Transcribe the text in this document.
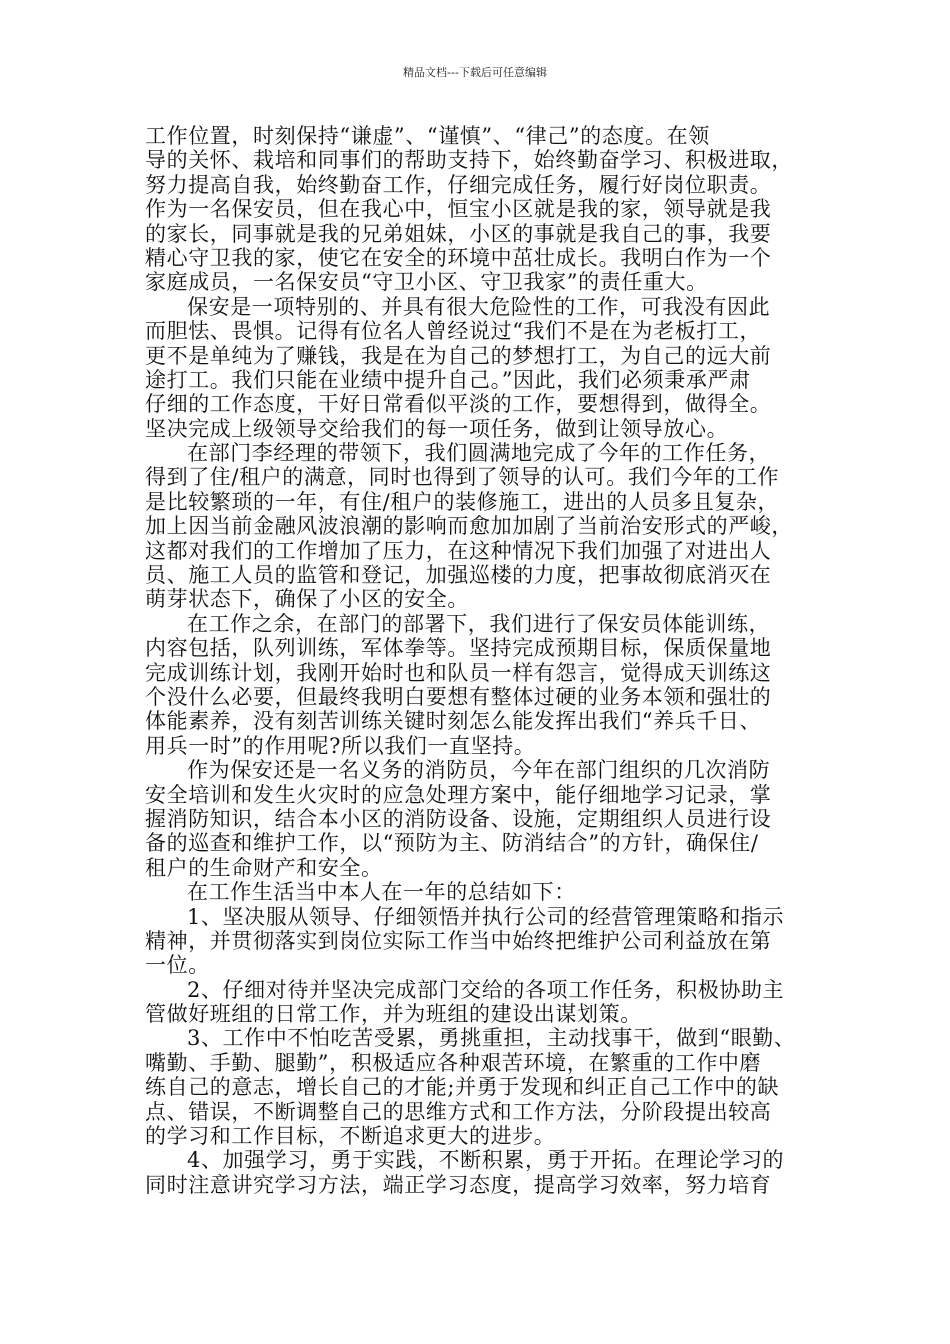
精品文档---下载后可任意编辑
工作位置，时刻保持“谦虚”、“谨慎”、“律己”的态度。在领
导的关怀、栽培和同事们的帮助支持下，始终勤奋学习、积极进取，
努力提高自我，始终勤奋工作，仔细完成任务，履行好岗位职责。
作为一名保安员，但在我心中，恒宝小区就是我的家，领导就是我
的家长，同事就是我的兄弟姐妹，小区的事就是我自己的事，我要
精心守卫我的家，使它在安全的环境中茁壮成长。我明白作为一个
家庭成员，一名保安员“守卫小区、守卫我家”的责任重大。
保安是一项特别的、并具有很大危险性的工作，可我没有因此
而胆怯、畏惧。记得有位名人曾经说过“我们不是在为老板打工，
更不是单纯为了赚钱，我是在为自己的梦想打工，为自己的远大前
途打工。我们只能在业绩中提升自己。”因此，我们必须秉承严肃
仔细的工作态度，干好日常看似平淡的工作，要想得到，做得全。
坚决完成上级领导交给我们的每一项任务，做到让领导放心。
在部门李经理的带领下，我们圆满地完成了今年的工作任务，
得到了住/租户的满意，同时也得到了领导的认可。我们今年的工作
是比较繁琐的一年，有住/租户的装修施工，进出的人员多且复杂，
加上因当前金融风波浪潮的影响而愈加加剧了当前治安形式的严峻，
这都对我们的工作增加了压力，在这种情况下我们加强了对进出人
员、施工人员的监管和登记，加强巡楼的力度，把事故彻底消灭在
萌芽状态下，确保了小区的安全。
在工作之余，在部门的部署下，我们进行了保安员体能训练，
内容包括，队列训练，军体拳等。坚持完成预期目标，保质保量地
完成训练计划，我刚开始时也和队员一样有怨言，觉得成天训练这
个没什么必要，但最终我明白要想有整体过硬的业务本领和强壮的
体能素养，没有刻苦训练关键时刻怎么能发挥出我们“养兵千日、
用兵一时”的作用呢?所以我们一直坚持。
作为保安还是一名义务的消防员，今年在部门组织的几次消防
安全培训和发生火灾时的应急处理方案中，能仔细地学习记录，掌
握消防知识，结合本小区的消防设备、设施，定期组织人员进行设
备的巡查和维护工作，以“预防为主、防消结合”的方针，确保住/
租户的生命财产和安全。
在工作生活当中本人在一年的总结如下：
1、坚决服从领导、仔细领悟并执行公司的经营管理策略和指示
精神，并贯彻落实到岗位实际工作当中始终把维护公司利益放在第
一位。
2、仔细对待并坚决完成部门交给的各项工作任务，积极协助主
管做好班组的日常工作，并为班组的建设出谋划策。
3、工作中不怕吃苦受累，勇挑重担，主动找事干，做到“眼勤、
嘴勤、手勤、腿勤”，积极适应各种艰苦环境，在繁重的工作中磨
练自己的意志，增长自己的才能;并勇于发现和纠正自己工作中的缺
点、错误，不断调整自己的思维方式和工作方法，分阶段提出较高
的学习和工作目标，不断追求更大的进步。
4、加强学习，勇于实践，不断积累，勇于开拓。在理论学习的
同时注意讲究学习方法，端正学习态度，提高学习效率，努力培育
